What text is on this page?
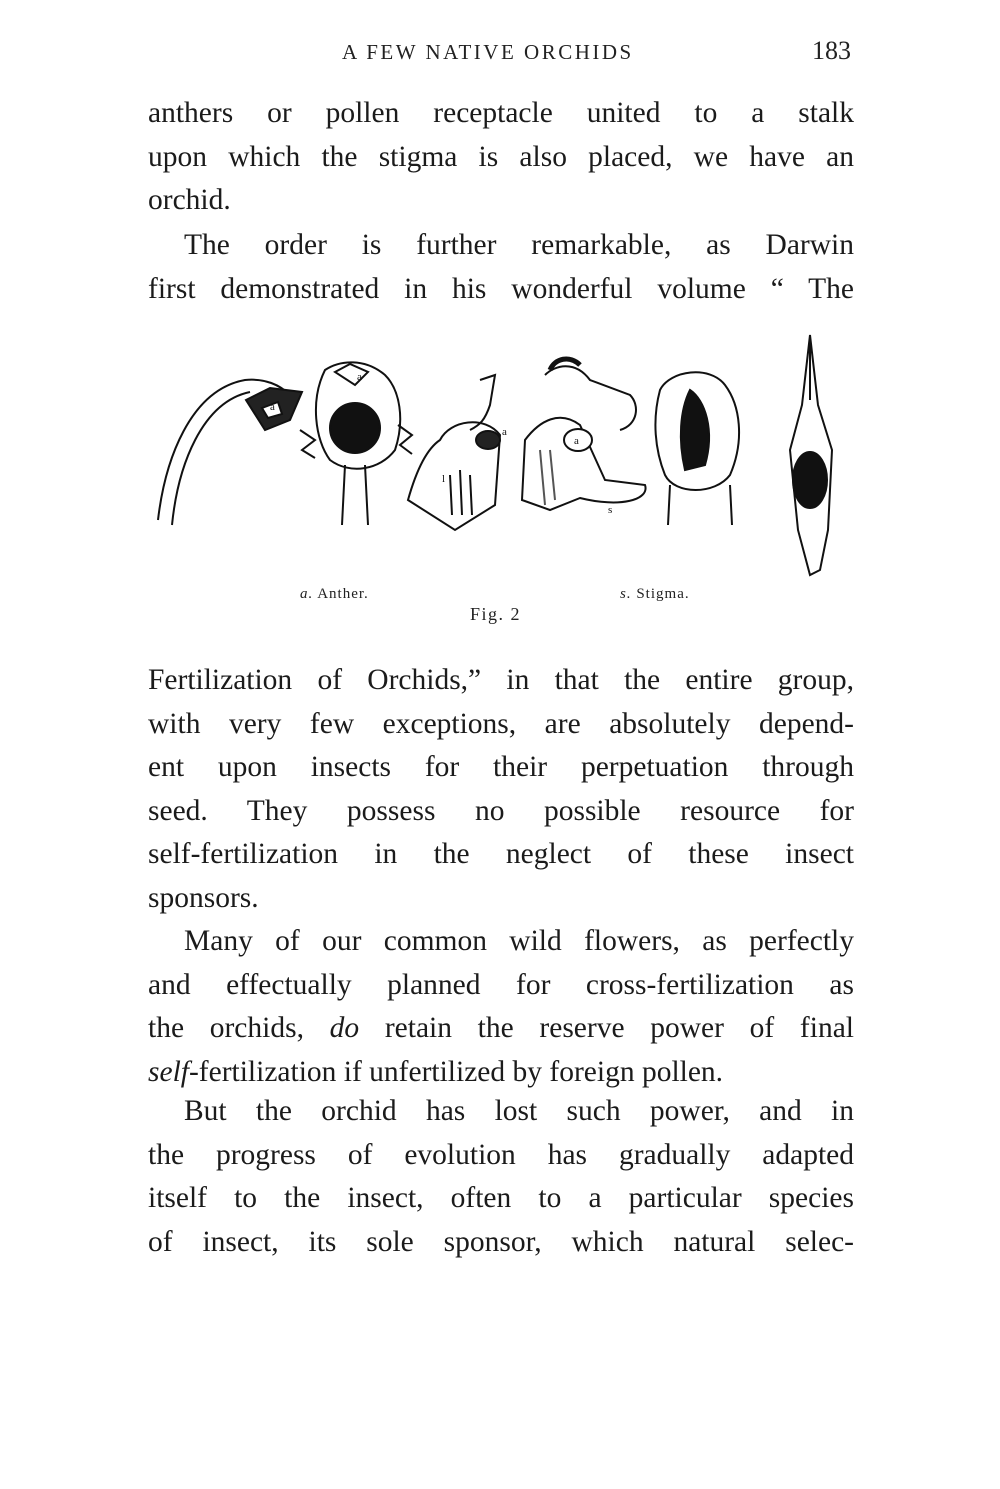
A FEW NATIVE ORCHIDS	183
anthers or pollen receptacle united to a stalk
upon which the stigma is also placed, we have an
orchid.
The order is further remarkable, as Darwin
first demonstrated in his wonderful volume “ The
a
a
a
a
s
l
a. Anther.	s. Stigma.
Fig. 2
Fertilization of Orchids,” in that the entire group,
with very few exceptions, are absolutely depend-
ent upon insects for their perpetuation through
seed. They possess no possible resource for
self-fertilization in the neglect of these insect
sponsors.
Many of our common wild flowers, as perfectly
and effectually planned for cross-fertilization as
the orchids, do retain the reserve power of final
self-fertilization if unfertilized by foreign pollen.
But the orchid has lost such power, and in
the progress of evolution has gradually adapted
itself to the insect, often to a particular species
of insect, its sole sponsor, which natural selec-
